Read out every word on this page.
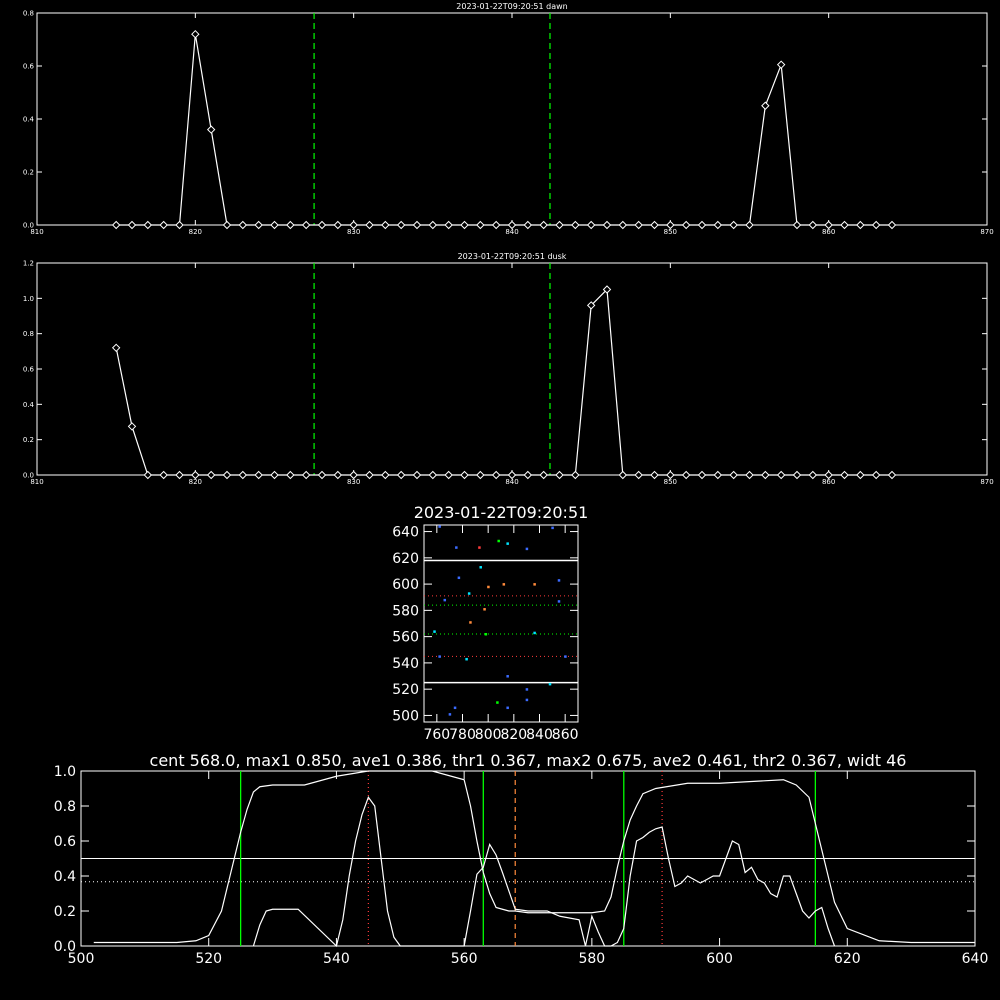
810	820	830	840	850	860	870
0.0
0.2
0.4
0.6
0.8
2023-01-22T09:20:51 dawn
810	820	830	840	850	860	870
0.0
0.2
0.4
0.6
0.8
1.0
1.2
2023-01-22T09:20:51 dusk
760
780
800
820
840
860
500
520
540
560
580
600
620
640
2023-01-22T09:20:51
500	520	540	560	580	600	620	640
0.0
0.2
0.4
0.6
0.8
1.0
cent 568.0, max1 0.850, ave1 0.386, thr1 0.367, max2 0.675, ave2 0.461, thr2 0.367, widt 46
